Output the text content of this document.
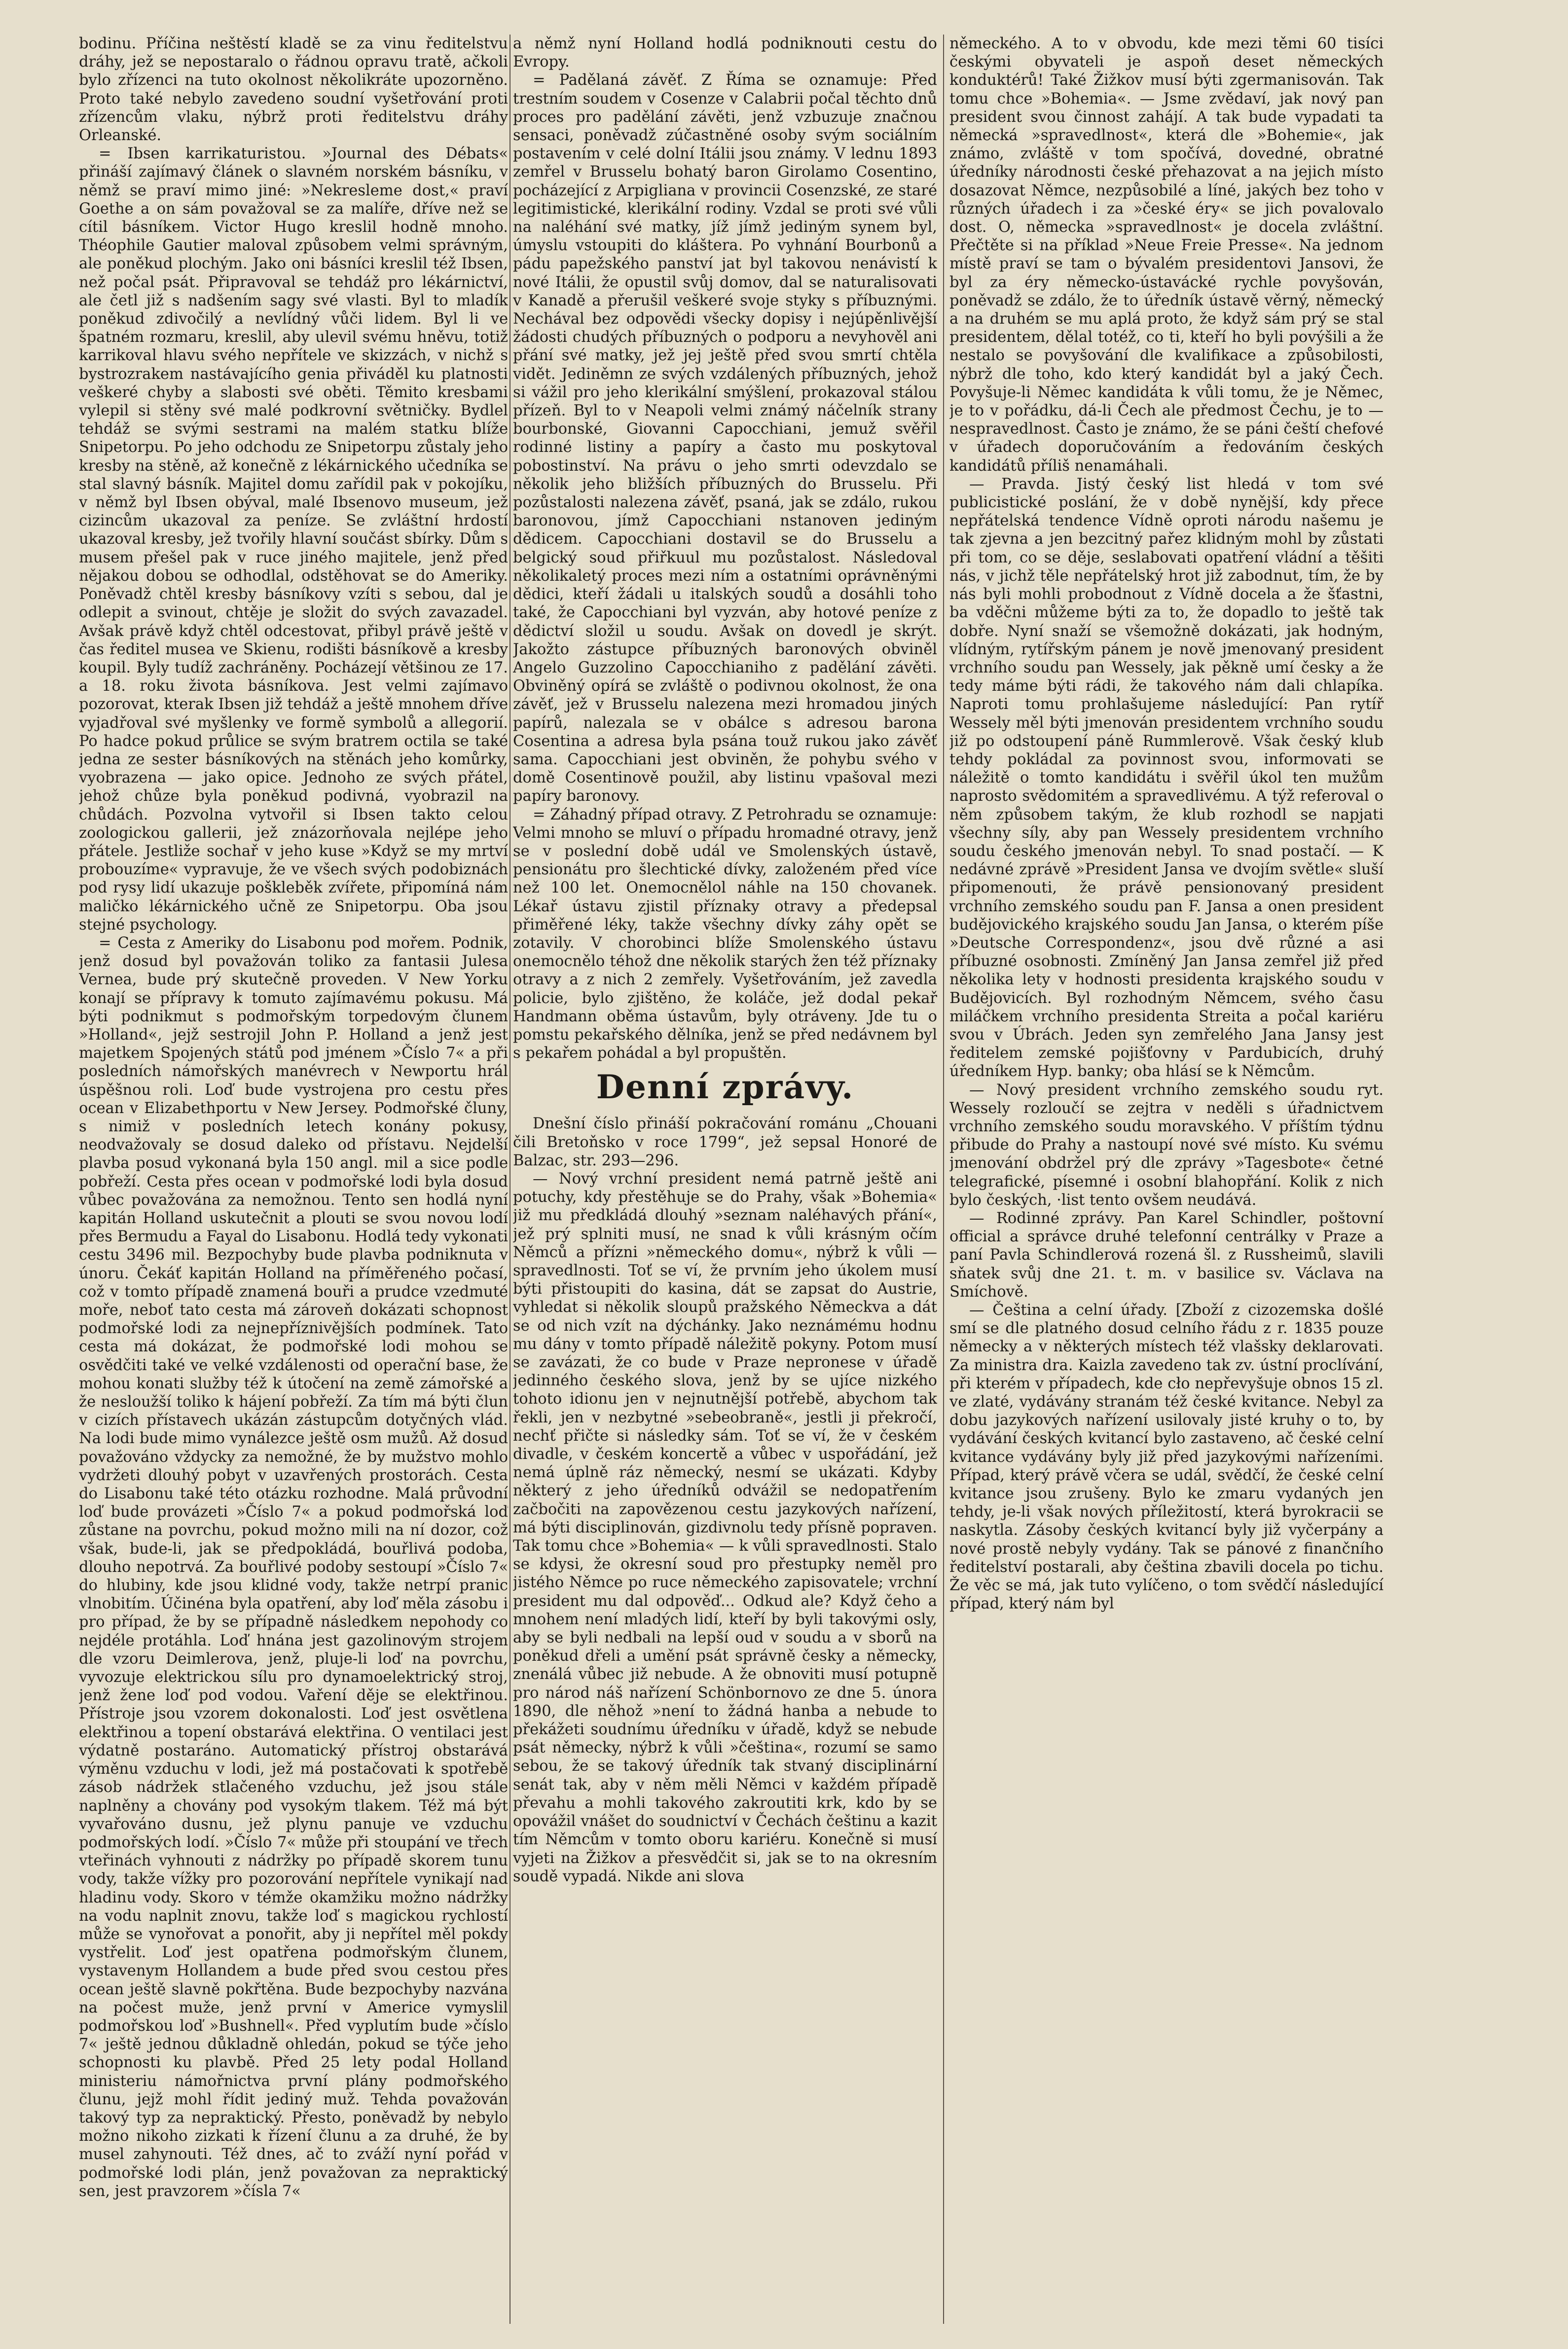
bodinu. Příčina neštěstí kladě se za vinu ředitelstvu dráhy, jež se nepostaralo o řádnou opravu tratě, ačkoli bylo zřízenci na tuto okolnost několikráte upozorněno. Proto také nebylo zavedeno soudní vyšetřování proti zřízencům vlaku, nýbrž proti ředitelstvu dráhy Orleanské.

= Ibsen karrikaturistou. »Journal des Débats« přináší zajímavý článek o slavném norském básníku, v němž se praví mimo jiné: »Nekresleme dost,« praví Goethe a on sám považoval se za malíře, dříve než se cítil básníkem. Victor Hugo kreslil hodně mnoho. Théophile Gautier maloval způsobem velmi správným, ale poněkud plochým. Jako oni básníci kreslil též Ibsen, než počal psát. Připravoval se tehdáž pro lékárnictví, ale četl již s nadšením sagy své vlasti. Byl to mladík poněkud zdivočilý a nevlídný vůči lidem. Byl li ve špatném rozmaru, kreslil, aby ulevil svému hněvu, totiž karrikoval hlavu svého nepřítele ve skizzách, v nichž s bystrozrakem nastávajícího genia přiváděl ku platnosti veškeré chyby a slabosti své oběti. Těmito kresbami vylepil si stěny své malé podkrovní světničky. Bydlel tehdáž se svými sestrami na malém statku blíže Snipetorpu. Po jeho odchodu ze Snipetorpu zůstaly jeho kresby na stěně, až konečně z lékárnického učedníka se stal slavný básník. Majitel domu zařídil pak v pokojíku, v němž byl Ibsen obýval, malé Ibsenovo museum, jež cizincům ukazoval za peníze. Se zvláštní hrdostí ukazoval kresby, jež tvořily hlavní součást sbírky. Dům s musem přešel pak v ruce jiného majitele, jenž před nějakou dobou se odhodlal, odstěhovat se do Ameriky. Poněvadž chtěl kresby básníkovy vzíti s sebou, dal je odlepit a svinout, chtěje je složit do svých zavazadel. Avšak právě když chtěl odcestovat, přibyl právě ještě v čas ředitel musea ve Skienu, rodišti básníkově a kresby koupil. Byly tudíž zachráněny. Pocházejí většinou ze 17. a 18. roku života básníkova. Jest velmi zajímavo pozorovat, kterak Ibsen již tehdáž a ještě mnohem dříve vyjadřoval své myšlenky ve formě symbolů a allegorií. Po hadce pokud průlice se svým bratrem octila se také jedna ze sester básníkových na stěnách jeho komůrky, vyobrazena — jako opice. Jednoho ze svých přátel, jehož chůze byla poněkud podivná, vyobrazil na chůdách. Pozvolna vytvořil si Ibsen takto celou zoologickou gallerii, jež znázorňovala nejlépe jeho přátele. Jestliže sochař v jeho kuse »Když se my mrtví probouzíme« vypravuje, že ve všech svých podobiznách pod rysy lidí ukazuje poškleběk zvířete, připomíná nám maličko lékárnického učně ze Snipetorpu. Oba jsou stejné psychology.

= Cesta z Ameriky do Lisabonu pod mořem. Podnik, jenž dosud byl považován toliko za fantasii Julesa Vernea, bude prý skutečně proveden. V New Yorku konají se přípravy k tomuto zajímavému pokusu. Má býti podnikmut s podmořským torpedovým člunem »Holland«, jejž sestrojil John P. Holland a jenž jest majetkem Spojených států pod jménem »Číslo 7« a při posledních námořských manévrech v Newportu hrál úspěšnou roli. Loď bude vystrojena pro cestu přes ocean v Elizabethportu v New Jersey. Podmořské čluny, s nimiž v posledních letech konány pokusy, neodvažovaly se dosud daleko od přístavu. Nejdelší plavba posud vykonaná byla 150 angl. mil a sice podle pobřeží. Cesta přes ocean v podmořské lodi byla dosud vůbec považována za nemožnou. Tento sen hodlá nyní kapitán Holland uskutečnit a plouti se svou novou lodí přes Bermudu a Fayal do Lisabonu. Hodlá tedy vykonati cestu 3496 mil. Bezpochyby bude plavba podniknuta v únoru. Čekáť kapitán Holland na příměřeného počasí, což v tomto případě znamená bouři a prudce vzedmuté moře, neboť tato cesta má zároveň dokázati schopnost podmořské lodi za nejnepříznivějších podmínek. Tato cesta má dokázat, že podmořské lodi mohou se osvědčiti také ve velké vzdálenosti od operační base, že mohou konati služby též k útočení na země zámořské a že nesloužší toliko k hájení pobřeží. Za tím má býti člun v cizích přístavech ukázán zástupcům dotyčných vlád. Na lodi bude mimo vynálezce ještě osm mužů. Až dosud považováno vždycky za nemožné, že by mužstvo mohlo vydržeti dlouhý pobyt v uzavřených prostorách. Cesta do Lisabonu také této otázku rozhodne. Malá průvodní loď bude provázeti »Číslo 7« a pokud podmořská loď zůstane na povrchu, pokud možno mili na ní dozor, což však, bude-li, jak se předpokládá, bouřlivá podoba, dlouho nepotrvá. Za bouřlivé podoby sestoupí »Číslo 7« do hlubiny, kde jsou klidné vody, takže netrpí pranic vlnobitím. Účinéna byla opatření, aby loď měla zásobu i pro případ, že by se případně následkem nepohody co nejdéle protáhla. Loď hnána jest gazolinovým strojem dle vzoru Deimlerova, jenž, pluje-li loď na povrchu, vyvozuje elektrickou sílu pro dynamoelektrický stroj, jenž žene loď pod vodou. Vaření děje se elektřinou. Přístroje jsou vzorem dokonalosti. Loď jest osvětlena elektřinou a topení obstarává elektřina. O ventilaci jest výdatně postaráno. Automatický přístroj obstarává výměnu vzduchu v lodi, jež má postačovati k spotřebě zásob nádržek stlačeného vzduchu, jež jsou stále naplněny a chovány pod vysokým tlakem. Též má být vyvařováno dusnu, jež plynu panuje ve vzduchu podmořských lodí. »Číslo 7« může při stoupání ve třech vteřinách vyhnouti z nádržky po případě skorem tunu vody, takže vížky pro pozorování nepřítele vynikají nad hladinu vody. Skoro v témže okamžiku možno nádržky na vodu naplnit znovu, takže loď s magickou rychlostí může se vynořovat a ponořit, aby ji nepřítel měl pokdy vystřelit. Loď jest opatřena podmořským člunem, vystavenym Hollandem a bude před svou cestou přes ocean ještě slavně pokřtěna. Bude bezpochyby nazvána na počest muže, jenž první v Americe vymyslil podmořskou loď »Bushnell«. Před vyplutím bude »číslo 7« ještě jednou důkladně ohledán, pokud se týče jeho schopnosti ku plavbě. Před 25 lety podal Holland ministeriu námořnictva první plány podmořského člunu, jejž mohl řídit jediný muž. Tehda považován takový typ za nepraktický. Přesto, poněvadž by nebylo možno nikoho zizkati k řízení člunu a za druhé, že by musel zahynouti. Též dnes, ač to zváží nyní pořád v podmořské lodi plán, jenž považovan za nepraktický sen, jest pravzorem »čísla 7«

a němž nyní Holland hodlá podniknouti cestu do Evropy.

= Padělaná závěť. Z Říma se oznamuje: Před trestním soudem v Cosenze v Calabrii počal těchto dnů proces pro padělání závěti, jenž vzbuzuje značnou sensaci, poněvadž zúčastněné osoby svým sociálním postavením v celé dolní Itálii jsou známy. V lednu 1893 zemřel v Brusselu bohatý baron Girolamo Cosentino, pocházející z Arpigliana v provincii Cosenzské, ze staré legitimistické, klerikální rodiny. Vzdal se proti své vůli na naléhání své matky, jíž jímž jediným synem byl, úmyslu vstoupiti do kláštera. Po vyhnání Bourbonů a pádu papežského panství jat byl takovou nenávistí k nové Itálii, že opustil svůj domov, dal se naturalisovati v Kanadě a přerušil veškeré svoje styky s příbuznými. Nechával bez odpovědi všecky dopisy i nejúpěnlivější žádosti chudých příbuzných o podporu a nevyhověl ani přání své matky, jež jej ještě před svou smrtí chtěla vidět. Jediněmn ze svých vzdálených příbuzných, jehož si vážil pro jeho klerikální smýšlení, prokazoval stálou přízeň. Byl to v Neapoli velmi známý náčelník strany bourbonské, Giovanni Capocchiani, jemuž svěřil rodinné listiny a papíry a často mu poskytoval pobostinství. Na právu o jeho smrti odevzdalo se několik jeho bližších příbuzných do Brusselu. Při pozůstalosti nalezena závěť, psaná, jak se zdálo, rukou baronovou, jímž Capocchiani nstanoven jediným dědicem. Capocchiani dostavil se do Brusselu a belgický soud přiřkuul mu pozůstalost. Následoval několikaletý proces mezi ním a ostatními oprávněnými dědici, kteří žádali u italských soudů a dosáhli toho také, že Capocchiani byl vyzván, aby hotové peníze z dědictví složil u soudu. Avšak on dovedl je skrýt. Jakožto zástupce příbuzných baronových obviněl Angelo Guzzolino Capocchianiho z padělání závěti. Obviněný opírá se zvláště o podivnou okolnost, že ona závěť, jež v Brusselu nalezena mezi hromadou jiných papírů, nalezala se v obálce s adresou barona Cosentina a adresa byla psána touž rukou jako závěť sama. Capocchiani jest obviněn, že pohybu svého v domě Cosentinově použil, aby listinu vpašoval mezi papíry baronovy.

= Záhadný případ otravy. Z Petrohradu se oznamuje: Velmi mnoho se mluví o případu hromadné otravy, jenž se v poslední době udál ve Smolenských ústavě, pensionátu pro šlechtické dívky, založeném před více než 100 let. Onemocnělol náhle na 150 chovanek. Lékař ústavu zjistil příznaky otravy a předepsal přiměřené léky, takže všechny dívky záhy opět se zotavily. V chorobinci blíže Smolenského ústavu onemocnělo téhož dne několik starých žen též příznaky otravy a z nich 2 zemřely. Vyšetřováním, jež zavedla policie, bylo zjištěno, že koláče, jež dodal pekař Handmann oběma ústavům, byly otráveny. Jde tu o pomstu pekařského dělníka, jenž se před nedávnem byl s pekařem pohádal a byl propuštěn.

Denní zprávy.

Dnešní číslo přináší pokračování románu „Chouani čili Bretoňsko v roce 1799“, jež sepsal Honoré de Balzac, str. 293—296.

— Nový vrchní president nemá patrně ještě ani potuchy, kdy přestěhuje se do Prahy, však »Bohemia« již mu předkládá dlouhý »seznam naléhavých přání«, jež prý splniti musí, ne snad k vůli krásným očím Němců a přízni »německého domu«, nýbrž k vůli — spravedlnosti. Toť se ví, že prvním jeho úkolem musí býti přistoupiti do kasina, dát se zapsat do Austrie, vyhledat si několik sloupů pražského Německva a dát se od nich vzít na dýchánky. Jako neznámému hodnu mu dány v tomto případě náležitě pokyny. Potom musí se zavázati, že co bude v Praze nepronese v úřadě jedinného českého slova, jenž by se ujíce nizkého tohoto idionu jen v nejnutnější potřebě, abychom tak řekli, jen v nezbytné »sebeobraně«, jestli ji překročí, nechť přičte si následky sám. Toť se ví, že v českém divadle, v českém koncertě a vůbec v uspořádání, jež nemá úplně ráz německý, nesmí se ukázati. Kdyby některý z jeho úředníků odvážil se nedopatřením začbočiti na zapovězenou cestu jazykových nařízení, má býti disciplinován, gizdivnolu tedy přísně popraven. Tak tomu chce »Bohemia« — k vůli spravedlnosti. Stalo se kdysi, že okresní soud pro přestupky neměl pro jistého Němce po ruce německého zapisovatele; vrchní president mu dal odpověď... Odkud ale? Když čeho a mnohem není mladých lidí, kteří by byli takovými osly, aby se byli nedbali na lepší oud v soudu a v sborů na poněkud dřeli a umění psát správně česky a německy, znenálá vůbec již nebude. A že obnoviti musí potupně pro národ náš nařízení Schönbornovo ze dne 5. února 1890, dle něhož »není to žádná hanba a nebude to překážeti soudnímu úředníku v úřadě, když se nebude psát německy, nýbrž k vůli »čeština«, rozumí se samo sebou, že se takový úředník tak stvaný disciplinární senát tak, aby v něm měli Němci v každém případě převahu a mohli takového zakroutiti krk, kdo by se opovážil vnášet do soudnictví v Čechách češtinu a kazit tím Němcům v tomto oboru kariéru. Konečně si musí vyjeti na Žižkov a přesvědčit si, jak se to na okresním soudě vypadá. Nikde ani slova

německého. A to v obvodu, kde mezi těmi 60 tisíci českými obyvateli je aspoň deset německých konduktérů! Také Žižkov musí býti zgermanisován. Tak tomu chce »Bohemia«. — Jsme zvědaví, jak nový pan president svou činnost zahájí. A tak bude vypadati ta německá »spravedlnost«, která dle »Bohemie«, jak známo, zvláště v tom spočívá, dovedné, obratné úředníky národnosti české přehazovat a na jejich místo dosazovat Němce, nezpůsobilé a líné, jakých bez toho v různých úřadech i za »české éry« se jich povalovalo dost. O, německa »spravedlnost« je docela zvláštní. Přečtěte si na příklad »Neue Freie Presse«. Na jednom místě praví se tam o bývalém presidentovi Jansovi, že byl za éry německo-ústavácké rychle povyšován, poněvadž se zdálo, že to úředník ústavě věrný, německý a na druhém se mu aplá proto, že když sám prý se stal presidentem, dělal totéž, co ti, kteří ho byli povýšili a že nestalo se povyšování dle kvalifikace a způsobilosti, nýbrž dle toho, kdo který kandidát byl a jaký Čech. Povyšuje-li Němec kandidáta k vůli tomu, že je Němec, je to v pořádku, dá-li Čech ale předmost Čechu, je to — nespravedlnost. Často je známo, že se páni čeští chefové v úřadech doporučováním a ředováním českých kandidátů příliš nenamáhali.

— Pravda. Jistý český list hledá v tom své publicistické poslání, že v době nynější, kdy přece nepřátelská tendence Vídně oproti národu našemu je tak zjevna a jen bezcitný pařez klidným mohl by zůstati při tom, co se děje, seslabovati opatření vládní a těšiti nás, v jichž těle nepřátelský hrot již zabodnut, tím, že by nás byli mohli probodnout z Vídně docela a že šťastni, ba vděčni můžeme býti za to, že dopadlo to ještě tak dobře. Nyní snaží se všemožně dokázati, jak hodným, vlídným, rytířským pánem je nově jmenovaný president vrchního soudu pan Wessely, jak pěkně umí česky a že tedy máme býti rádi, že takového nám dali chlapíka. Naproti tomu prohlašujeme následující: Pan rytíř Wessely měl býti jmenován presidentem vrchního soudu již po odstoupení páně Rummlerově. Však český klub tehdy pokládal za povinnost svou, informovati se náležitě o tomto kandidátu i svěřil úkol ten mužům naprosto svědomitém a spravedlivému. A týž referoval o něm způsobem takým, že klub rozhodl se napjati všechny síly, aby pan Wessely presidentem vrchního soudu českého jmenován nebyl. To snad postačí. — K nedávné zprávě »President Jansa ve dvojím světle« sluší připomenouti, že právě pensionovaný president vrchního zemského soudu pan F. Jansa a onen president budějovického krajského soudu Jan Jansa, o kterém píše »Deutsche Correspondenz«, jsou dvě různé a asi příbuzné osobnosti. Zmíněný Jan Jansa zemřel již před několika lety v hodnosti presidenta krajského soudu v Budějovicích. Byl rozhodným Němcem, svého času miláčkem vrchního presidenta Streita a počal kariéru svou v Úbrách. Jeden syn zemřelého Jana Jansy jest ředitelem zemské pojišťovny v Pardubicích, druhý úředníkem Hyp. banky; oba hlásí se k Němcům.

— Nový president vrchního zemského soudu ryt. Wessely rozloučí se zejtra v neděli s úřadnictvem vrchního zemského soudu moravského. V příštím týdnu přibude do Prahy a nastoupí nové své místo. Ku svému jmenování obdržel prý dle zprávy »Tagesbote« četné telegrafické, písemné i osobní blahopřání. Kolik z nich bylo českých, ·list tento ovšem neudává.

— Rodinné zprávy. Pan Karel Schindler, poštovní official a správce druhé telefonní centrálky v Praze a paní Pavla Schindlerová rozená šl. z Russheimů, slavili sňatek svůj dne 21. t. m. v basilice sv. Václava na Smíchově.

— Čeština a celní úřady. [Zboží z cizozemska došlé smí se dle platného dosud celního řádu z r. 1835 pouze německy a v některých místech též vlašsky deklarovati. Za ministra dra. Kaizla zavedeno tak zv. ústní proclívání, při kterém v případech, kde cło nepřevyšuje obnos 15 zl. ve zlaté, vydávány stranám též české kvitance. Nebyl za dobu jazykových nařízení usilovaly jisté kruhy o to, by vydávání českých kvitancí bylo zastaveno, ač české celní kvitance vydávány byly již před jazykovými nařízeními. Případ, který právě včera se udál, svědčí, že české celní kvitance jsou zrušeny. Bylo ke zmaru vydaných jen tehdy, je-li však nových příležitostí, která byrokracii se naskytla. Zásoby českých kvitancí byly již vyčerpány a nové prostě nebyly vydány. Tak se pánové z finančního ředitelství postarali, aby čeština zbavili docela po tichu. Že věc se má, jak tuto vylíčeno, o tom svědčí následující případ, který nám byl
